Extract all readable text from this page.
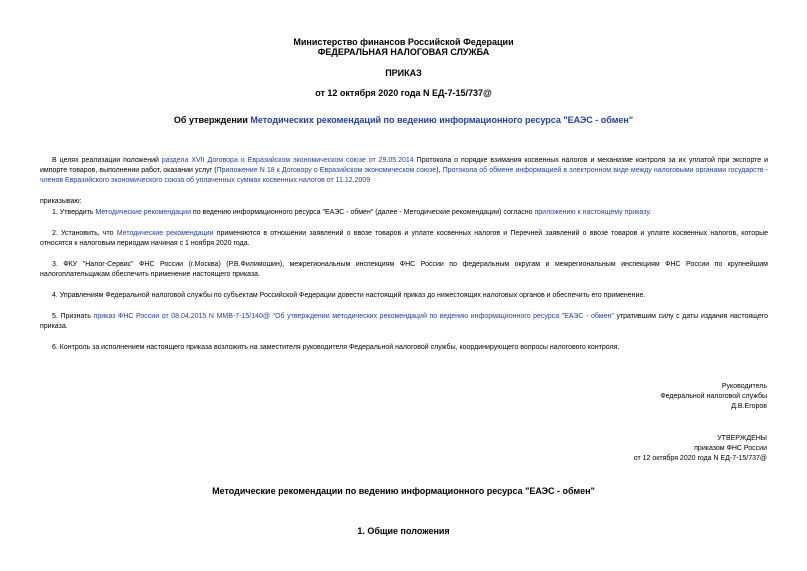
Министерство финансов Российской Федерации
ФЕДЕРАЛЬНАЯ НАЛОГОВАЯ СЛУЖБА
ПРИКАЗ
от 12 октября 2020 года N ЕД-7-15/737@
Об утверждении Методических рекомендаций по ведению информационного ресурса "ЕАЭС - обмен"
В целях реализации положений раздела XVII Договора о Евразийском экономическом союзе от 29.05.2014 Протокола о порядке взимания косвенных налогов и механизме контроля за их уплатой при экспорте и импорте товаров, выполнении работ, оказании услуг (Приложение N 18 к Договору о Евразийском экономическом союзе), Протокола об обмене информацией в электронном виде между налоговыми органами государств - членов Евразийского экономического союза об уплаченных суммах косвенных налогов от 11.12.2009
приказываю:
1. Утвердить Методические рекомендации по ведению информационного ресурса "ЕАЭС - обмен" (далее - Методические рекомендации) согласно приложению к настоящему приказу.
2. Установить, что Методические рекомендации применяются в отношении заявлений о ввозе товаров и уплате косвенных налогов и Перечней заявлений о ввозе товаров и уплате косвенных налогов, которые относятся к налоговым периодам начиная с 1 ноября 2020 года.
3. ФКУ "Налог-Сервис" ФНС России (г.Москва) (Р.В.Филимошин), межрегиональным инспекциям ФНС России по федеральным округам и межрегиональным инспекциям ФНС России по крупнейшим налогоплательщикам обеспечить применение настоящего приказа.
4. Управлениям Федеральной налоговой службы по субъектам Российской Федерации довести настоящий приказ до нижестоящих налоговых органов и обеспечить его применение.
5. Признать приказ ФНС России от 08.04.2015 N ММВ-7-15/140@ "Об утверждении методических рекомендаций по ведению информационного ресурса "ЕАЭС - обмен" утратившим силу с даты издания настоящего приказа.
6. Контроль за исполнением настоящего приказа возложить на заместителя руководителя Федеральной налоговой службы, координирующего вопросы налогового контроля.
Руководитель
Федеральной налоговой службы
Д.В.Егоров
УТВЕРЖДЕНЫ
приказом ФНС России
от 12 октября 2020 года N ЕД-7-15/737@
Методические рекомендации по ведению информационного ресурса "ЕАЭС - обмен"
1. Общие положения
